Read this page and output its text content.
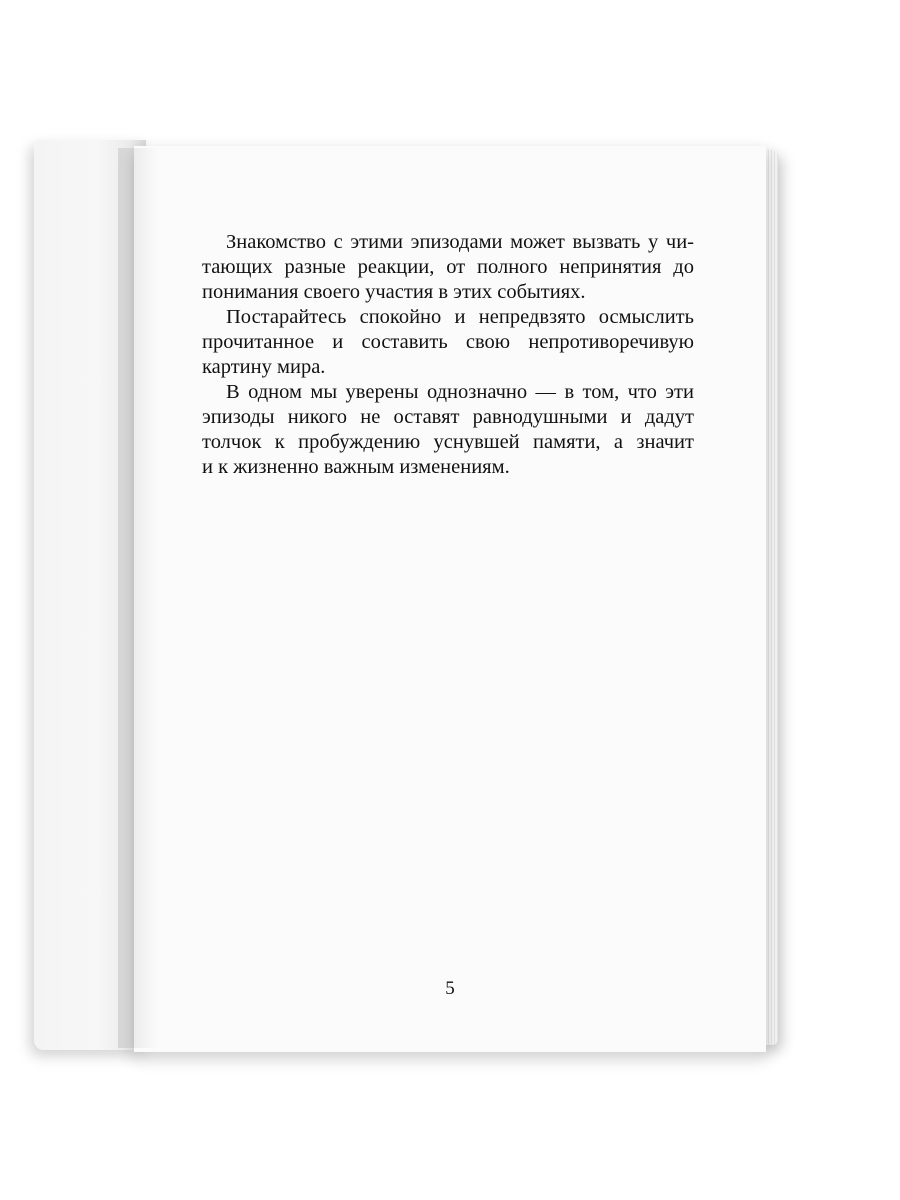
Знакомство с этими эпизодами может вызвать у чи-
тающих разные реакции, от полного непринятия до
понимания своего участия в этих событиях.
Постарайтесь спокойно и непредвзято осмыслить
прочитанное и составить свою непротиворечивую
картину мира.
В одном мы уверены однозначно — в том, что эти
эпизоды никого не оставят равнодушными и дадут
толчок к пробуждению уснувшей памяти, а значит
и к жизненно важным изменениям.
5
